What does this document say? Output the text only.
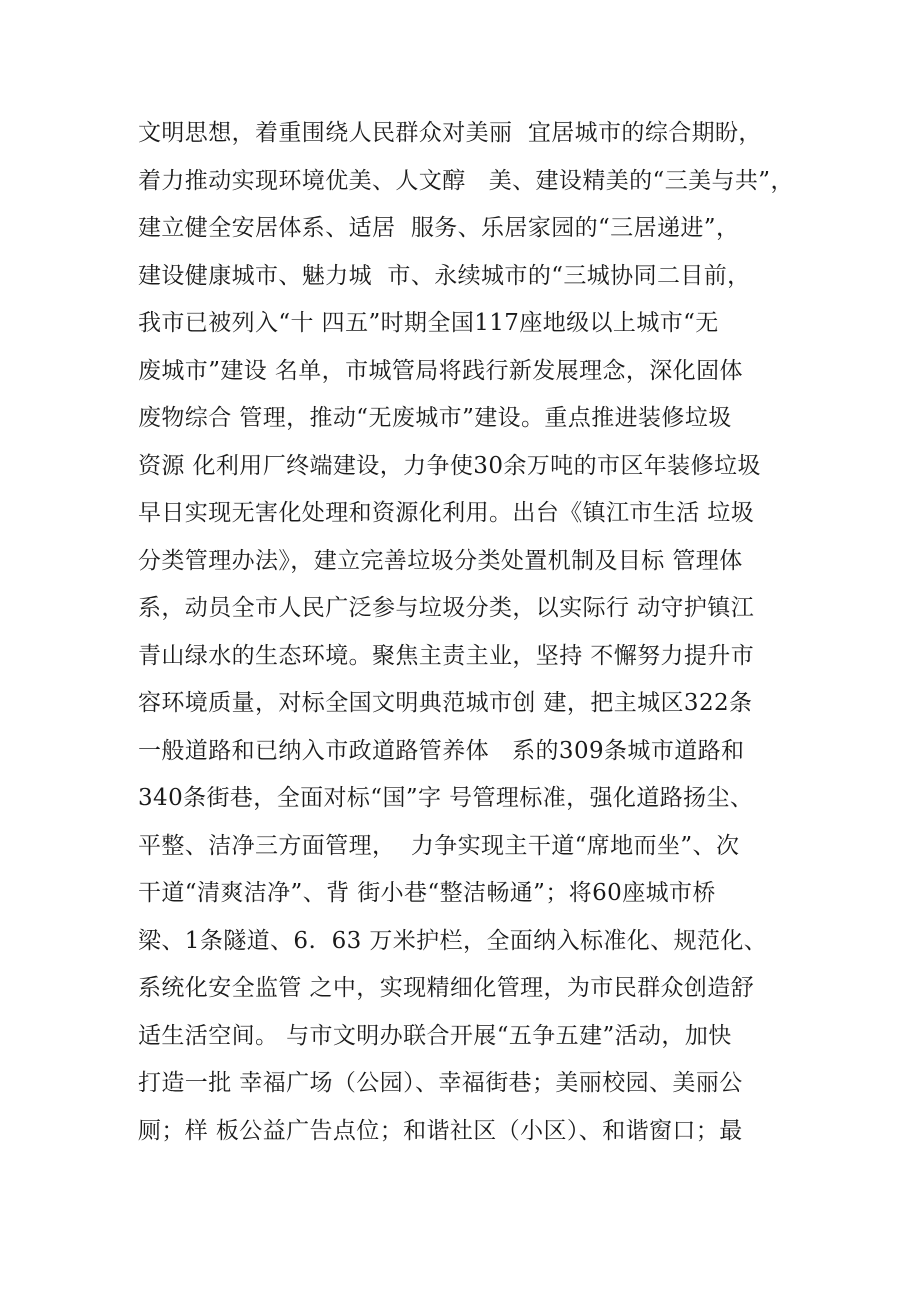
文明思想，着重围绕人民群众对美丽  宜居城市的综合期盼，
着力推动实现环境优美、人文醇   美、建设精美的“三美与共”，
建立健全安居体系、适居  服务、乐居家园的“三居递进”，
建设健康城市、魅力城  市、永续城市的“三城协同二目前，
我市已被列入“十 四五”时期全国117座地级以上城市“无
废城市”建设 名单，市城管局将践行新发展理念，深化固体
废物综合 管理，推动“无废城市”建设。重点推进装修垃圾
资源 化利用厂终端建设，力争使30余万吨的市区年装修垃圾
早日实现无害化处理和资源化利用。出台《镇江市生活 垃圾
分类管理办法》，建立完善垃圾分类处置机制及目标 管理体
系，动员全市人民广泛参与垃圾分类，以实际行 动守护镇江
青山绿水的生态环境。聚焦主责主业，坚持 不懈努力提升市
容环境质量，对标全国文明典范城市创 建，把主城区322条
一般道路和已纳入市政道路管养体   系的309条城市道路和
340条街巷，全面对标“国”字 号管理标准，强化道路扬尘、
平整、洁净三方面管理，  力争实现主干道“席地而坐”、次
干道“清爽洁净”、背 街小巷“整洁畅通”；将60座城市桥
梁、1条隧道、6.  63 万米护栏，全面纳入标准化、规范化、
系统化安全监管 之中，实现精细化管理，为市民群众创造舒
适生活空间。 与市文明办联合开展“五争五建”活动，加快
打造一批 幸福广场（公园）、幸福街巷；美丽校园、美丽公
厕；样 板公益广告点位；和谐社区（小区）、和谐窗口；最
